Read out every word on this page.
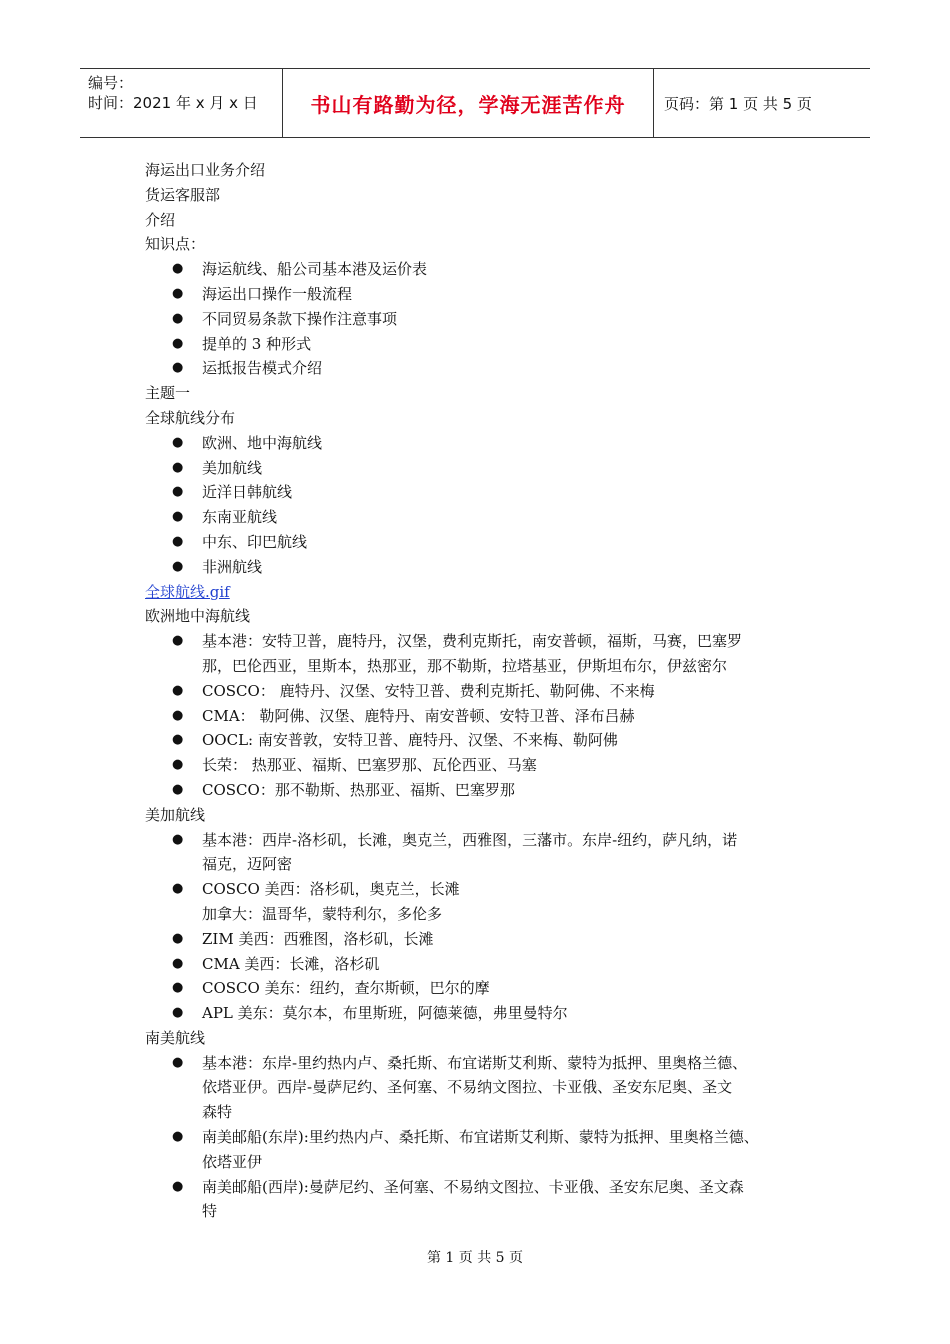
编号：
时间：2021 年 x 月 x 日	书山有路勤为径，学海无涯苦作舟	页码：第 1 页 共 5 页

海运出口业务介绍

货运客服部

介绍

知识点：

● 海运航线、船公司基本港及运价表
● 海运出口操作一般流程
● 不同贸易条款下操作注意事项
● 提单的 3 种形式
● 运抵报告模式介绍

主题一

全球航线分布

● 欧洲、地中海航线
● 美加航线
● 近洋日韩航线
● 东南亚航线
● 中东、印巴航线
● 非洲航线

全球航线.gif

欧洲地中海航线

● 基本港：安特卫普，鹿特丹，汉堡，费利克斯托，南安普顿，福斯，马赛，巴塞罗
那，巴伦西亚，里斯本，热那亚，那不勒斯，拉塔基亚，伊斯坦布尔，伊兹密尔
● COSCO： 鹿特丹、汉堡、安特卫普、费利克斯托、勒阿佛、不来梅
● CMA： 勒阿佛、汉堡、鹿特丹、南安普顿、安特卫普、泽布吕赫
● OOCL: 南安普敦，安特卫普、鹿特丹、汉堡、不来梅、勒阿佛
● 长荣： 热那亚、福斯、巴塞罗那、瓦伦西亚、马塞
● COSCO：那不勒斯、热那亚、福斯、巴塞罗那

美加航线

● 基本港：西岸-洛杉矶，长滩，奥克兰，西雅图，三藩市。东岸-纽约，萨凡纳，诺
福克，迈阿密
● COSCO 美西：洛杉矶，奥克兰，长滩
加拿大：温哥华，蒙特利尔，多伦多
● ZIM 美西：西雅图，洛杉矶，长滩
● CMA 美西：长滩，洛杉矶
● COSCO 美东：纽约，查尔斯顿，巴尔的摩
● APL 美东：莫尔本，布里斯班，阿德莱德，弗里曼特尔

南美航线

● 基本港：东岸-里约热内卢、桑托斯、布宜诺斯艾利斯、蒙特为抵押、里奥格兰德、
依塔亚伊。西岸-曼萨尼约、圣何塞、不易纳文图拉、卡亚俄、圣安东尼奥、圣文
森特
● 南美邮船(东岸):里约热内卢、桑托斯、布宜诺斯艾利斯、蒙特为抵押、里奥格兰德、
依塔亚伊
● 南美邮船(西岸):曼萨尼约、圣何塞、不易纳文图拉、卡亚俄、圣安东尼奥、圣文森
特
第 1 页 共 5 页
